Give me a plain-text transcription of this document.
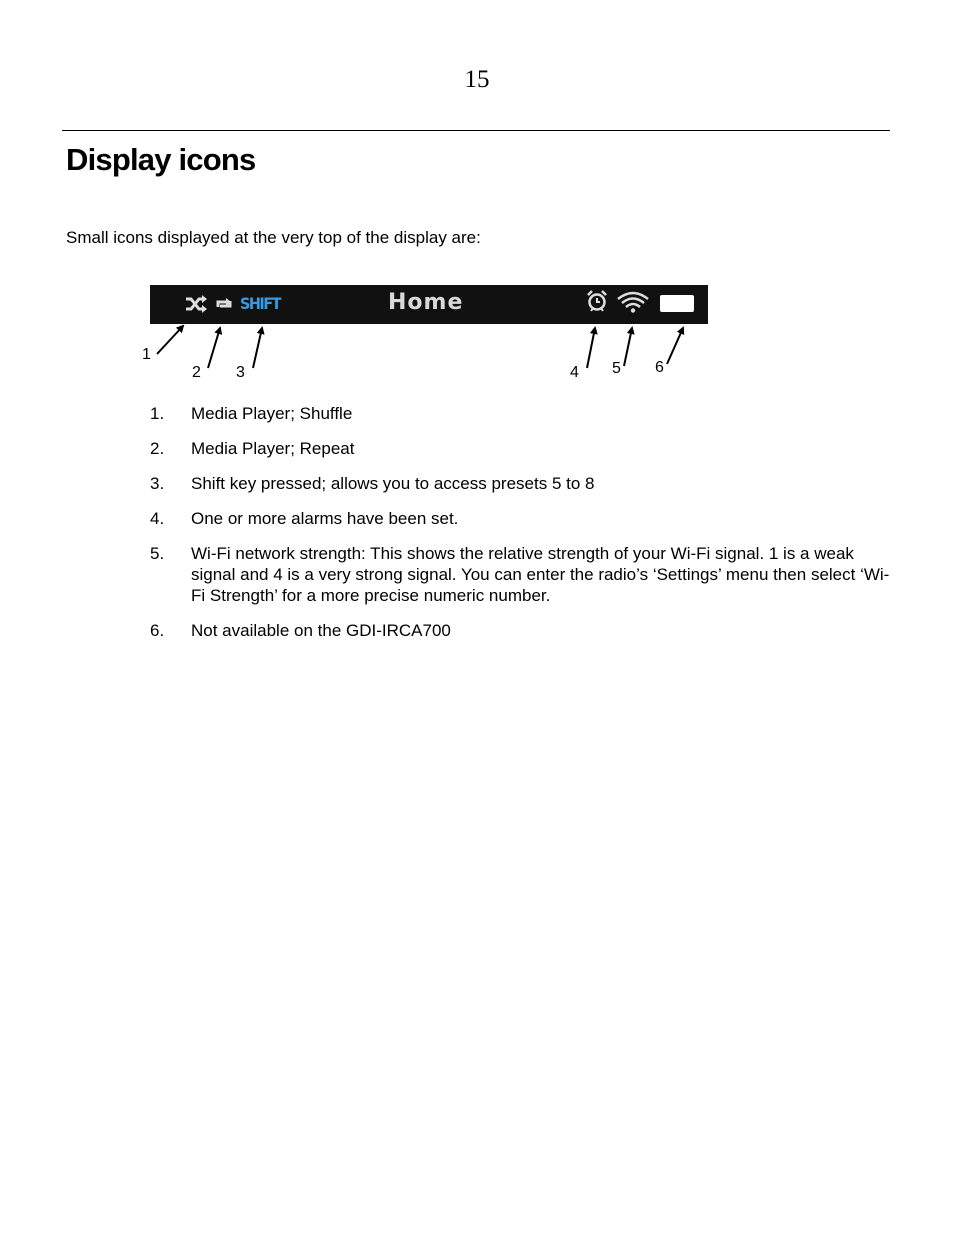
15
Display icons

Small icons displayed at the very top of the display are:

SHIFT	Home
1
2 3	4 5 6
1. Media Player; Shuffle
2. Media Player; Repeat
3. Shift key pressed; allows you to access presets 5 to 8
4. One or more alarms have been set.
5. Wi-Fi network strength: This shows the relative strength of your Wi-Fi signal. 1 is a weak signal and 4 is a very strong signal. You can enter the radio’s ‘Settings’ menu then select ‘Wi-Fi Strength’ for a more precise numeric number.
6. Not available on the GDI-IRCA700
